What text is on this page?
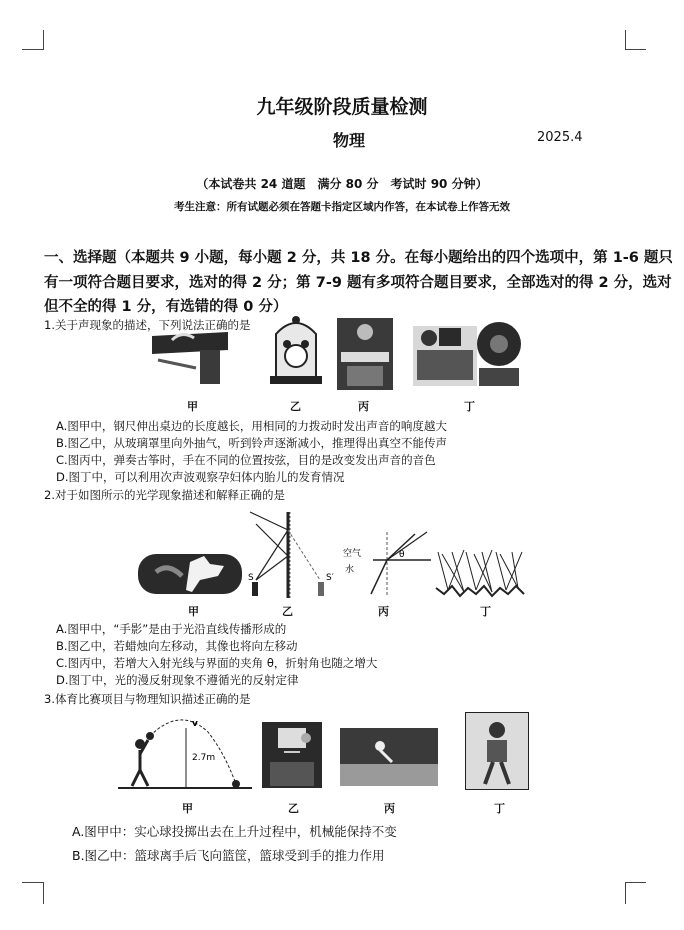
九年级阶段质量检测
物理	2025.4
（本试卷共 24 道题　满分 80 分　考试时 90 分钟）
考生注意：所有试题必须在答题卡指定区域内作答，在本试卷上作答无效
一、选择题（本题共 9 小题，每小题 2 分，共 18 分。在每小题给出的四个选项中，第 1-6 题只
有一项符合题目要求，选对的得 2 分；第 7-9 题有多项符合题目要求，全部选对的得 2 分，选对
但不全的得 1 分，有选错的得 0 分）
1.关于声现象的描述，下列说法正确的是
甲	乙	丙	丁
A.图甲中，钢尺伸出桌边的长度越长，用相同的力拨动时发出声音的响度越大
B.图乙中，从玻璃罩里向外抽气，听到铃声逐渐减小，推理得出真空不能传声
C.图丙中，弹奏古筝时，手在不同的位置按弦，目的是改变发出声音的音色
D.图丁中，可以利用次声波观察孕妇体内胎儿的发育情况
2.对于如图所示的光学现象描述和解释正确的是
S	S′
空气
水
θ
甲	乙	丙	丁
A.图甲中，“手影”是由于光沿直线传播形成的
B.图乙中，若蜡烛向左移动，其像也将向左移动
C.图丙中，若增大入射光线与界面的夹角 θ，折射角也随之增大
D.图丁中，光的漫反射现象不遵循光的反射定律
3.体育比赛项目与物理知识描述正确的是
2.7m
v
甲	乙	丙	丁
A.图甲中：实心球投掷出去在上升过程中，机械能保持不变
B.图乙中：篮球离手后飞向篮筐，篮球受到手的推力作用
